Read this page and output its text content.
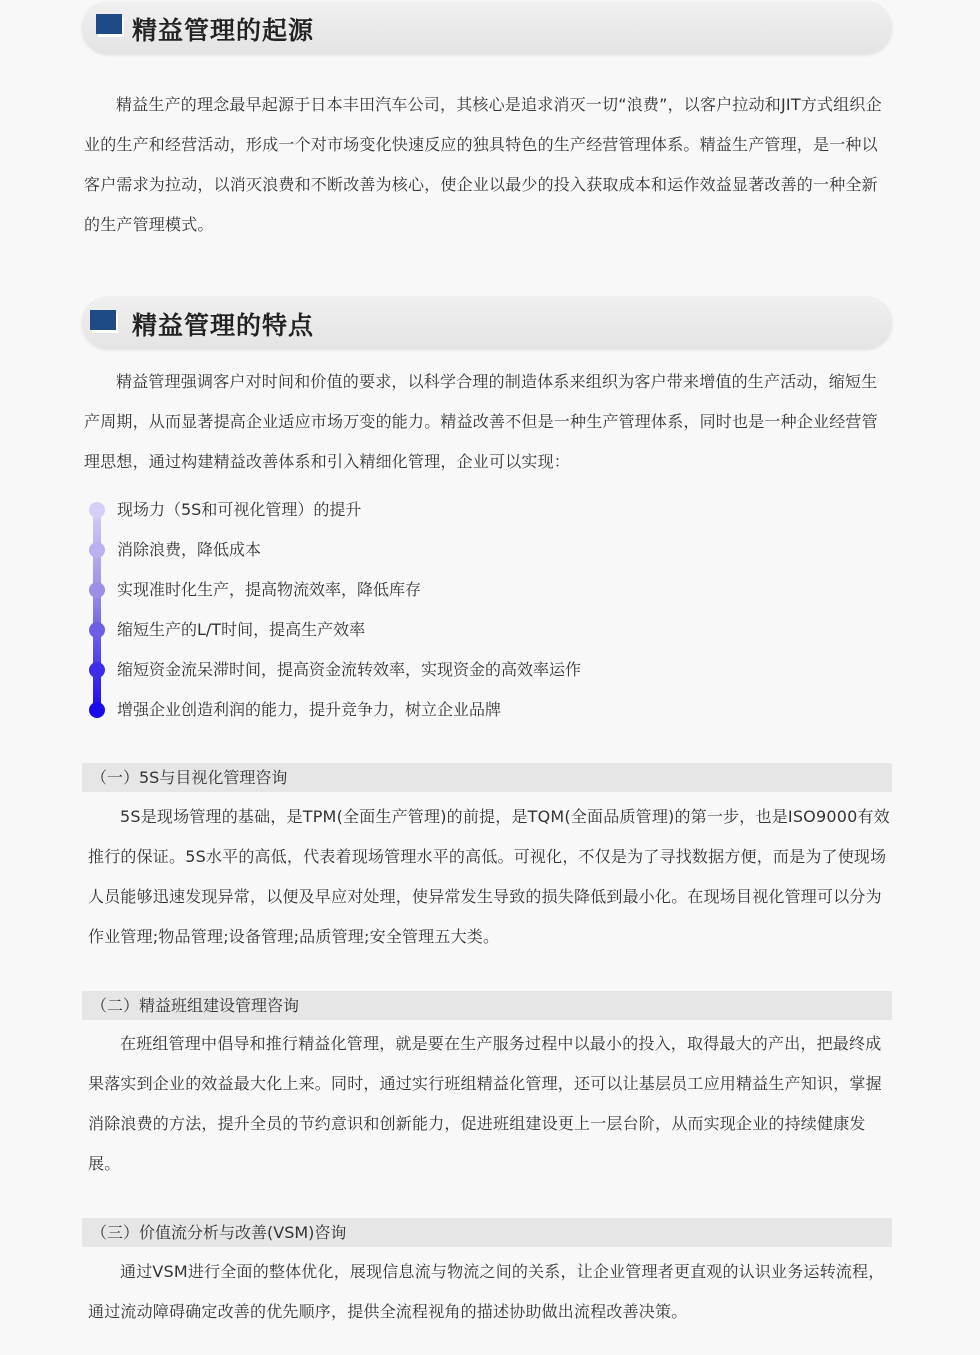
精益管理的起源

精益生产的理念最早起源于日本丰田汽车公司，其核心是追求消灭一切“浪费”，以客户拉动和JIT方式组织企业的生产和经营活动，形成一个对市场变化快速反应的独具特色的生产经营管理体系。精益生产管理，是一种以客户需求为拉动，以消灭浪费和不断改善为核心，使企业以最少的投入获取成本和运作效益显著改善的一种全新的生产管理模式。

精益管理的特点

精益管理强调客户对时间和价值的要求，以科学合理的制造体系来组织为客户带来增值的生产活动，缩短生产周期，从而显著提高企业适应市场万变的能力。精益改善不但是一种生产管理体系，同时也是一种企业经营管理思想，通过构建精益改善体系和引入精细化管理，企业可以实现：

现场力（5S和可视化管理）的提升
消除浪费，降低成本
实现准时化生产，提高物流效率，降低库存
缩短生产的L/T时间，提高生产效率
缩短资金流呆滞时间，提高资金流转效率，实现资金的高效率运作
增强企业创造利润的能力，提升竞争力，树立企业品牌
（一）5S与目视化管理咨询

5S是现场管理的基础，是TPM(全面生产管理)的前提，是TQM(全面品质管理)的第一步，也是ISO9000有效推行的保证。5S水平的高低，代表着现场管理水平的高低。可视化，不仅是为了寻找数据方便，而是为了使现场人员能够迅速发现异常，以便及早应对处理，使异常发生导致的损失降低到最小化。在现场目视化管理可以分为作业管理;物品管理;设备管理;品质管理;安全管理五大类。

（二）精益班组建设管理咨询

在班组管理中倡导和推行精益化管理，就是要在生产服务过程中以最小的投入，取得最大的产出，把最终成果落实到企业的效益最大化上来。同时，通过实行班组精益化管理，还可以让基层员工应用精益生产知识，掌握消除浪费的方法，提升全员的节约意识和创新能力，促进班组建设更上一层台阶，从而实现企业的持续健康发展。

（三）价值流分析与改善(VSM)咨询

通过VSM进行全面的整体优化，展现信息流与物流之间的关系，让企业管理者更直观的认识业务运转流程，通过流动障碍确定改善的优先顺序，提供全流程视角的描述协助做出流程改善决策。
